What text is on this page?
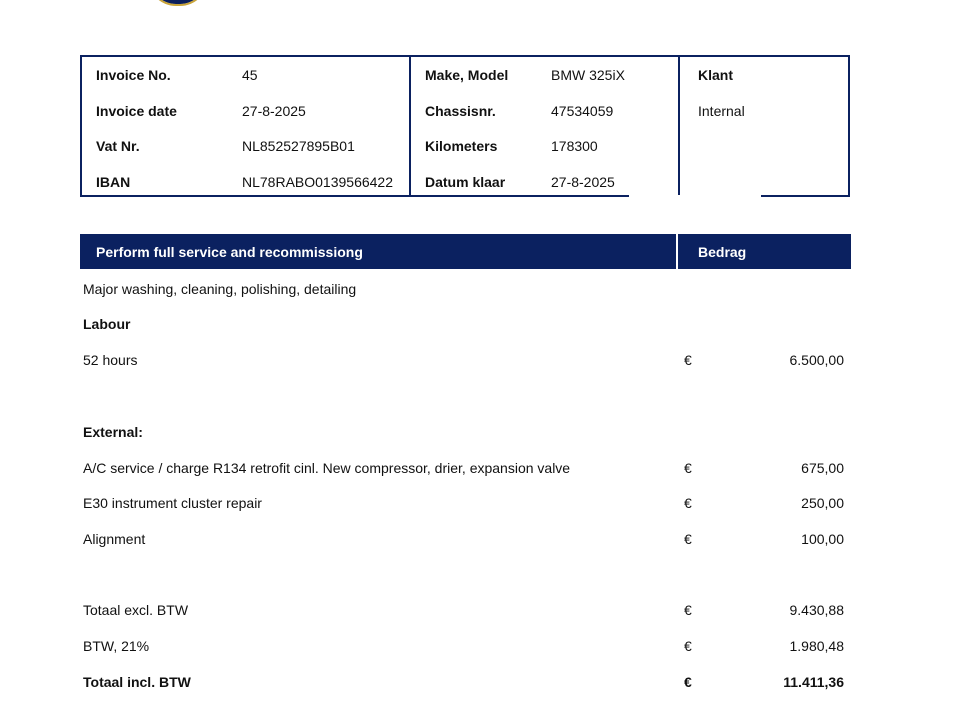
Invoice No.	45
Invoice date	27-8-2025
Vat Nr.	NL852527895B01
IBAN	NL78RABO0139566422
Make, Model	BMW 325iX
Chassisnr.	47534059
Kilometers	178300
Datum klaar	27-8-2025
Klant
Internal
Perform full service and recommissiong	Bedrag
Major washing, cleaning, polishing, detailing
Labour
52 hours	€	6.500,00
External:
A/C service / charge R134 retrofit cinl. New compressor, drier, expansion valve	€	675,00
E30 instrument cluster repair	€	250,00
Alignment	€	100,00
Totaal excl. BTW	€	9.430,88
BTW, 21%	€	1.980,48
Totaal incl. BTW	€	11.411,36
